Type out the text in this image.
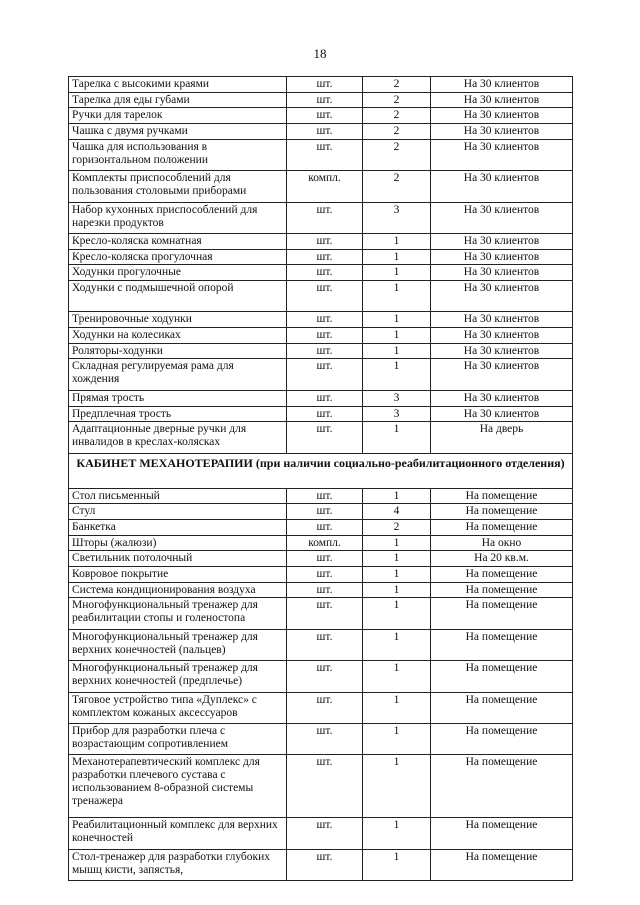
18
Тарелка с высокими краями	шт.	2	На 30 клиентов
Тарелка для еды губами	шт.	2	На 30 клиентов
Ручки для тарелок	шт.	2	На 30 клиентов
Чашка с двумя ручками	шт.	2	На 30 клиентов
Чашка для использования в горизонтальном положении	шт.	2	На 30 клиентов
Комплекты приспособлений для пользования столовыми приборами	компл.	2	На 30 клиентов
Набор кухонных приспособлений для нарезки продуктов	шт.	3	На 30 клиентов
Кресло-коляска комнатная	шт.	1	На 30 клиентов
Кресло-коляска прогулочная	шт.	1	На 30 клиентов
Ходунки прогулочные	шт.	1	На 30 клиентов
Ходунки с подмышечной опорой	шт.	1	На 30 клиентов
Тренировочные ходунки	шт.	1	На 30 клиентов
Ходунки на колесиках	шт.	1	На 30 клиентов
Роляторы-ходунки	шт.	1	На 30 клиентов
Складная регулируемая рама для хождения	шт.	1	На 30 клиентов
Прямая трость	шт.	3	На 30 клиентов
Предплечная трость	шт.	3	На 30 клиентов
Адаптационные дверные ручки для инвалидов в креслах-колясках	шт.	1	На дверь
КАБИНЕТ МЕХАНОТЕРАПИИ (при наличии социально-реабилитационного отделения)			
Стол письменный	шт.	1	На помещение
Стул	шт.	4	На помещение
Банкетка	шт.	2	На помещение
Шторы (жалюзи)	компл.	1	На окно
Светильник потолочный	шт.	1	На 20 кв.м.
Ковровое покрытие	шт.	1	На помещение
Система кондиционирования воздуха	шт.	1	На помещение
Многофункциональный тренажер для реабилитации стопы и голеностопа	шт.	1	На помещение
Многофункциональный тренажер для верхних конечностей (пальцев)	шт.	1	На помещение
Многофункциональный тренажер для верхних конечностей (предплечье)	шт.	1	На помещение
Тяговое устройство типа «Дуплекс» с комплектом кожаных аксессуаров	шт.	1	На помещение
Прибор для разработки плеча с возрастающим сопротивлением	шт.	1	На помещение
Механотерапевтический комплекс для разработки плечевого сустава с использованием 8-образной системы тренажера	шт.	1	На помещение
Реабилитационный комплекс для верхних конечностей	шт.	1	На помещение
Стол-тренажер для разработки глубоких мышц кисти, запястья,	шт.	1	На помещение
